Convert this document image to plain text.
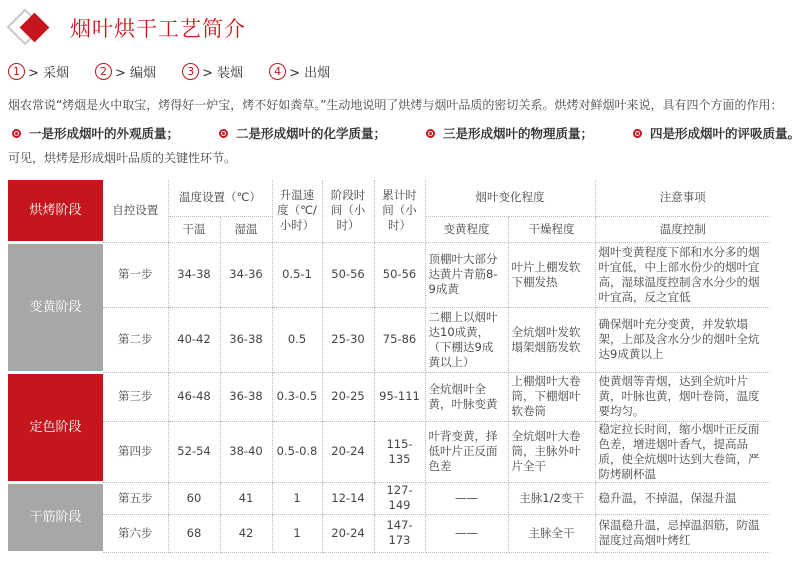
烟叶烘干工艺简介
1 > 采烟	2 > 编烟	3 > 装烟	4 > 出烟
烟农常说“烤烟是火中取宝，烤得好一炉宝，烤不好如粪草。”生动地说明了烘烤与烟叶品质的密切关系。烘烤对鲜烟叶来说，具有四个方面的作用：
一是形成烟叶的外观质量；	二是形成烟叶的化学质量；	三是形成烟叶的物理质量；	四是形成烟叶的评吸质量。
可见，烘烤是形成烟叶品质的关键性环节。
烘烤阶段	自控设置	温度设置（℃）		升温速度（℃/小时）	阶段时间（小时）	累计时间（小时）	烟叶变化程度		注意事项
		干温	湿温				变黄程度	干燥程度	温度控制
变黄阶段	第一步	34-38	34-36	0.5-1	50-56	50-56	顶棚叶大部分达黄片青筋8-9成黄	叶片上棚发软下棚发热	烟叶变黄程度下部和水分多的烟叶宜低，中上部水份少的烟叶宜高，湿球温度控制含水分少的烟叶宜高，反之宜低
	第二步	40-42	36-38	0.5	25-30	75-86	二棚上以烟叶达10成黄，（下棚达9成黄以上）	全炕烟叶发软塌架烟筋发软	确保烟叶充分变黄，并发软塌架，上部及含水分少的烟叶全炕达9成黄以上
定色阶段	第三步	46-48	36-38	0.3-0.5	20-25	95-111	全炕烟叶全黄，叶脉变黄	上棚烟叶大卷筒，下棚烟叶软卷筒	使黄烟等青烟，达到全炕叶片黄，叶脉也黄，烟叶卷筒，温度要均匀。
	第四步	52-54	38-40	0.5-0.8	20-24	115-135	叶背变黄，择低叶片正反面色差	全炕烟叶大卷筒，主脉外叶片全干	稳定拉长时间，缩小烟叶正反面色差，增进烟叶香气，提高品质，使全炕烟叶达到大卷筒，严防烤刷杯温
干筋阶段	第五步	60	41	1	12-14	127-149	——	主脉1/2变干	稳升温，不掉温，保湿升温
	第六步	68	42	1	20-24	147-173	——	主脉全干	保温稳升温，忌掉温泅筋，防温湿度过高烟叶烤红
